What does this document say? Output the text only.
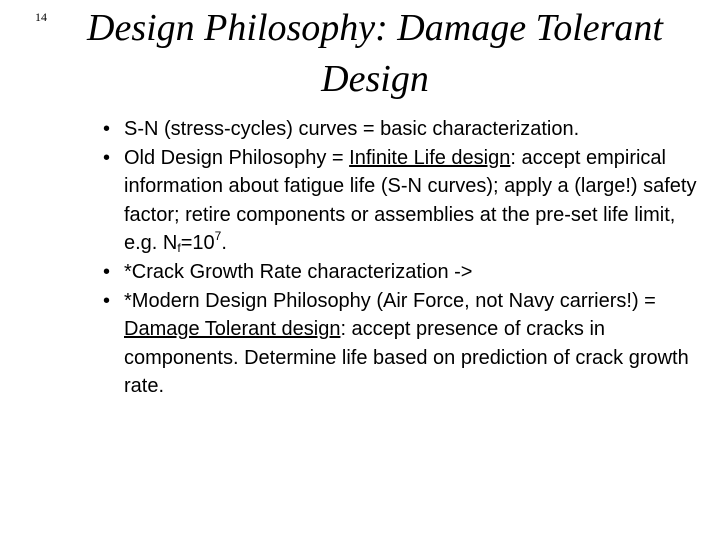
14	Design Philosophy: Damage Tolerant Design
• S-N (stress-cycles) curves = basic characterization.
• Old Design Philosophy = Infinite Life design: accept empirical information about fatigue life (S-N curves); apply a (large!) safety factor; retire components or assemblies at the pre-set life limit, e.g. $N_f=10^7$.
• *Crack Growth Rate characterization ->
• *Modern Design Philosophy (Air Force, not Navy carriers!) = Damage Tolerant design: accept presence of cracks in components. Determine life based on prediction of crack growth rate.
